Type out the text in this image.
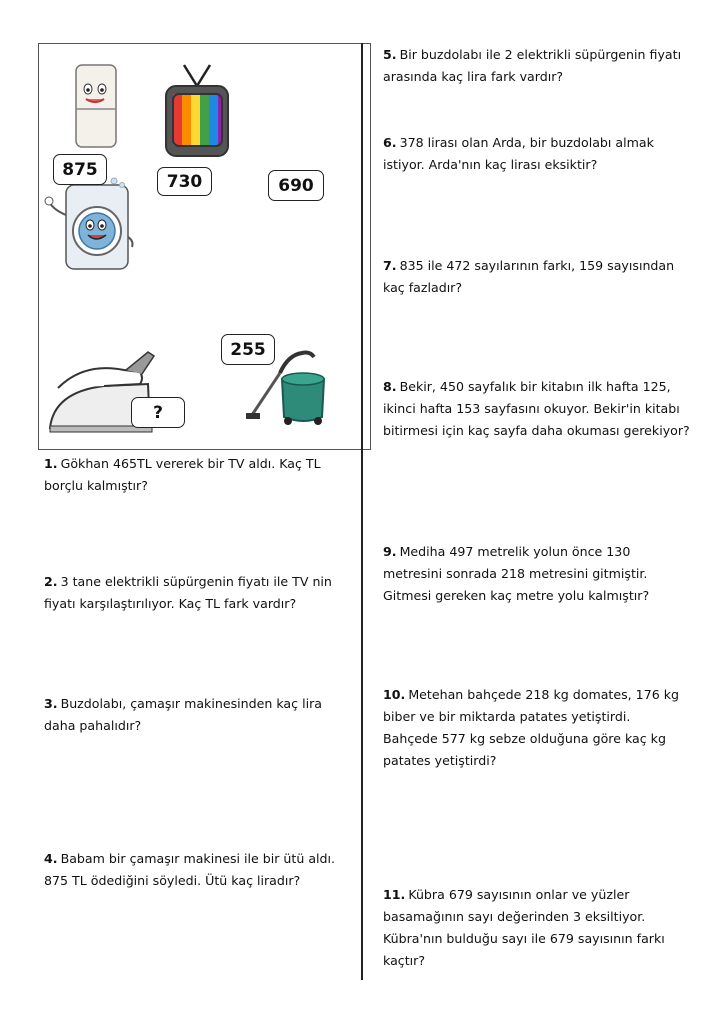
875
730	690
255
?

1. Gökhan 465TL vererek bir TV aldı. Kaç TL borçlu kalmıştır?

2. 3 tane elektrikli süpürgenin fiyatı ile TV nin fiyatı karşılaştırılıyor. Kaç TL fark vardır?

3. Buzdolabı, çamaşır makinesinden kaç lira daha pahalıdır?

4. Babam bir çamaşır makinesi ile bir ütü aldı. 875 TL ödediğini söyledi. Ütü kaç liradır?

5. Bir buzdolabı ile 2 elektrikli süpürgenin fiyatı arasında kaç lira fark vardır?

6. 378 lirası olan Arda, bir buzdolabı almak istiyor. Arda'nın kaç lirası eksiktir?

7. 835 ile 472 sayılarının farkı, 159 sayısından kaç fazladır?

8. Bekir, 450 sayfalık bir kitabın ilk hafta 125, ikinci hafta 153 sayfasını okuyor. Bekir'in kitabı bitirmesi için kaç sayfa daha okuması gerekiyor?

9. Mediha 497 metrelik yolun önce 130 metresini sonrada 218 metresini gitmiştir. Gitmesi gereken kaç metre yolu kalmıştır?

10. Metehan bahçede 218 kg domates, 176 kg biber ve bir miktarda patates yetiştirdi. Bahçede 577 kg sebze olduğuna göre kaç kg patates yetiştirdi?

11. Kübra 679 sayısının onlar ve yüzler basamağının sayı değerinden 3 eksiltiyor. Kübra'nın bulduğu sayı ile 679 sayısının farkı kaçtır?
